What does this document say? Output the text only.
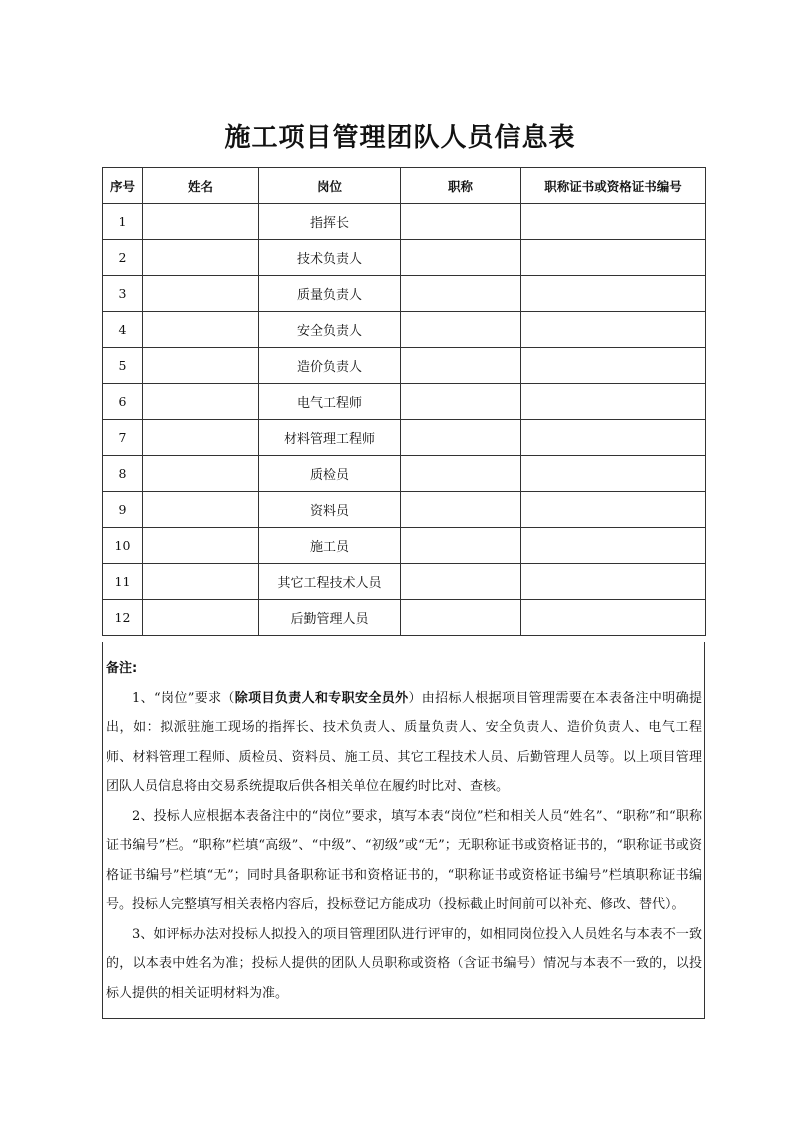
施工项目管理团队人员信息表
序号	姓名	岗位	职称	职称证书或资格证书编号
1		指挥长		
2		技术负责人		
3		质量负责人		
4		安全负责人		
5		造价负责人		
6		电气工程师		
7		材料管理工程师		
8		质检员		
9		资料员		
10		施工员		
11		其它工程技术人员		
12		后勤管理人员		
备注:

1、“岗位”要求（除项目负责人和专职安全员外）由招标人根据项目管理需要在本表备注中明确提出，如：拟派驻施工现场的指挥长、技术负责人、质量负责人、安全负责人、造价负责人、电气工程师、材料管理工程师、质检员、资料员、施工员、其它工程技术人员、后勤管理人员等。以上项目管理团队人员信息将由交易系统提取后供各相关单位在履约时比对、查核。

2、投标人应根据本表备注中的“岗位”要求，填写本表“岗位”栏和相关人员“姓名”、“职称”和“职称证书编号”栏。“职称”栏填“高级”、“中级”、“初级”或“无”；无职称证书或资格证书的，“职称证书或资格证书编号”栏填“无”；同时具备职称证书和资格证书的，“职称证书或资格证书编号”栏填职称证书编号。投标人完整填写相关表格内容后，投标登记方能成功（投标截止时间前可以补充、修改、替代）。

3、如评标办法对投标人拟投入的项目管理团队进行评审的，如相同岗位投入人员姓名与本表不一致的，以本表中姓名为准；投标人提供的团队人员职称或资格（含证书编号）情况与本表不一致的，以投标人提供的相关证明材料为准。
